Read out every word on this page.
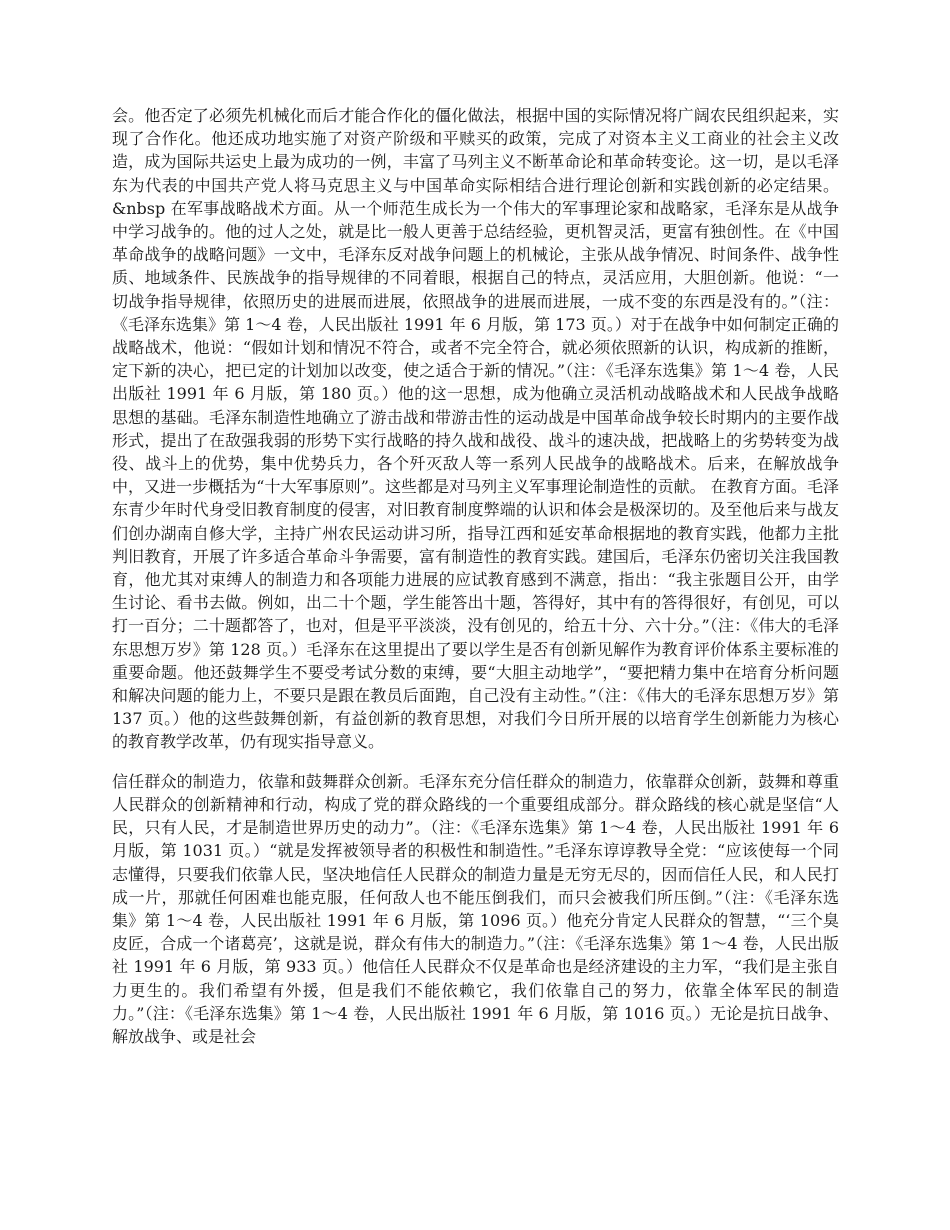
会。他否定了必须先机械化而后才能合作化的僵化做法，根据中国的实际情况将广阔农民组织起来，实现了合作化。他还成功地实施了对资产阶级和平赎买的政策，完成了对资本主义工商业的社会主义改造，成为国际共运史上最为成功的一例，丰富了马列主义不断革命论和革命转变论。这一切，是以毛泽东为代表的中国共产党人将马克思主义与中国革命实际相结合进行理论创新和实践创新的必定结果。 &nbsp 在军事战略战术方面。从一个师范生成长为一个伟大的军事理论家和战略家，毛泽东是从战争中学习战争的。他的过人之处，就是比一般人更善于总结经验，更机智灵活，更富有独创性。在《中国革命战争的战略问题》一文中，毛泽东反对战争问题上的机械论，主张从战争情况、时间条件、战争性质、地域条件、民族战争的指导规律的不同着眼，根据自己的特点，灵活应用，大胆创新。他说：“一切战争指导规律，依照历史的进展而进展，依照战争的进展而进展，一成不变的东西是没有的。”（注：《毛泽东选集》第 1～4 卷，人民出版社 1991 年 6 月版，第 173 页。）对于在战争中如何制定正确的战略战术，他说：“假如计划和情况不符合，或者不完全符合，就必须依照新的认识，构成新的推断，定下新的决心，把已定的计划加以改变，使之适合于新的情况。”（注：《毛泽东选集》第 1～4 卷，人民出版社 1991 年 6 月版，第 180 页。）他的这一思想，成为他确立灵活机动战略战术和人民战争战略思想的基础。毛泽东制造性地确立了游击战和带游击性的运动战是中国革命战争较长时期内的主要作战形式，提出了在敌强我弱的形势下实行战略的持久战和战役、战斗的速决战，把战略上的劣势转变为战役、战斗上的优势，集中优势兵力，各个歼灭敌人等一系列人民战争的战略战术。后来，在解放战争中，又进一步概括为“十大军事原则”。这些都是对马列主义军事理论制造性的贡献。 在教育方面。毛泽东青少年时代身受旧教育制度的侵害，对旧教育制度弊端的认识和体会是极深切的。及至他后来与战友们创办湖南自修大学，主持广州农民运动讲习所，指导江西和延安革命根据地的教育实践，他都力主批判旧教育，开展了许多适合革命斗争需要，富有制造性的教育实践。建国后，毛泽东仍密切关注我国教育，他尤其对束缚人的制造力和各项能力进展的应试教育感到不满意，指出：“我主张题目公开，由学生讨论、看书去做。例如，出二十个题，学生能答出十题，答得好，其中有的答得很好，有创见，可以打一百分；二十题都答了，也对，但是平平淡淡，没有创见的，给五十分、六十分。”（注：《伟大的毛泽东思想万岁》第 128 页。）毛泽东在这里提出了要以学生是否有创新见解作为教育评价体系主要标准的重要命题。他还鼓舞学生不要受考试分数的束缚，要“大胆主动地学”，“要把精力集中在培育分析问题和解决问题的能力上，不要只是跟在教员后面跑，自己没有主动性。”（注：《伟大的毛泽东思想万岁》第 137 页。）他的这些鼓舞创新，有益创新的教育思想，对我们今日所开展的以培育学生创新能力为核心的教育教学改革，仍有现实指导意义。

信任群众的制造力，依靠和鼓舞群众创新。毛泽东充分信任群众的制造力，依靠群众创新，鼓舞和尊重人民群众的创新精神和行动，构成了党的群众路线的一个重要组成部分。群众路线的核心就是坚信“人民，只有人民，才是制造世界历史的动力”。（注：《毛泽东选集》第 1～4 卷，人民出版社 1991 年 6 月版，第 1031 页。）“就是发挥被领导者的积极性和制造性。”毛泽东谆谆教导全党：“应该使每一个同志懂得，只要我们依靠人民，坚决地信任人民群众的制造力量是无穷无尽的，因而信任人民，和人民打成一片，那就任何困难也能克服，任何敌人也不能压倒我们，而只会被我们所压倒。”（注：《毛泽东选集》第 1～4 卷，人民出版社 1991 年 6 月版，第 1096 页。）他充分肯定人民群众的智慧，“‘三个臭皮匠，合成一个诸葛亮’，这就是说，群众有伟大的制造力。”（注：《毛泽东选集》第 1～4 卷，人民出版社 1991 年 6 月版，第 933 页。）他信任人民群众不仅是革命也是经济建设的主力军，“我们是主张自力更生的。我们希望有外援，但是我们不能依赖它，我们依靠自己的努力，依靠全体军民的制造力。”（注：《毛泽东选集》第 1～4 卷，人民出版社 1991 年 6 月版，第 1016 页。）无论是抗日战争、解放战争、或是社会
